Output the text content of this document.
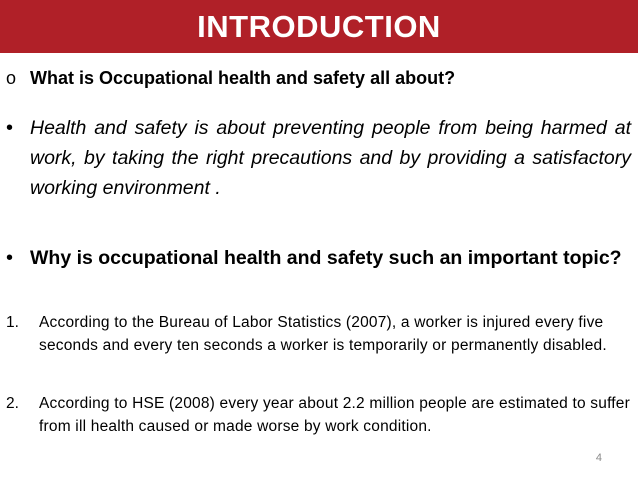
INTRODUCTION
o What is Occupational health and safety all about?
• Health and safety is about preventing people from being harmed at work, by taking the right precautions and by providing a satisfactory working environment .
• Why is occupational health and safety such an important topic?
1.	According to the Bureau of Labor Statistics (2007), a worker is injured every five seconds and every ten seconds a worker is temporarily or permanently disabled.
2.	According to HSE (2008) every year about 2.2 million people are estimated to suffer from ill health caused or made worse by work condition.
4
